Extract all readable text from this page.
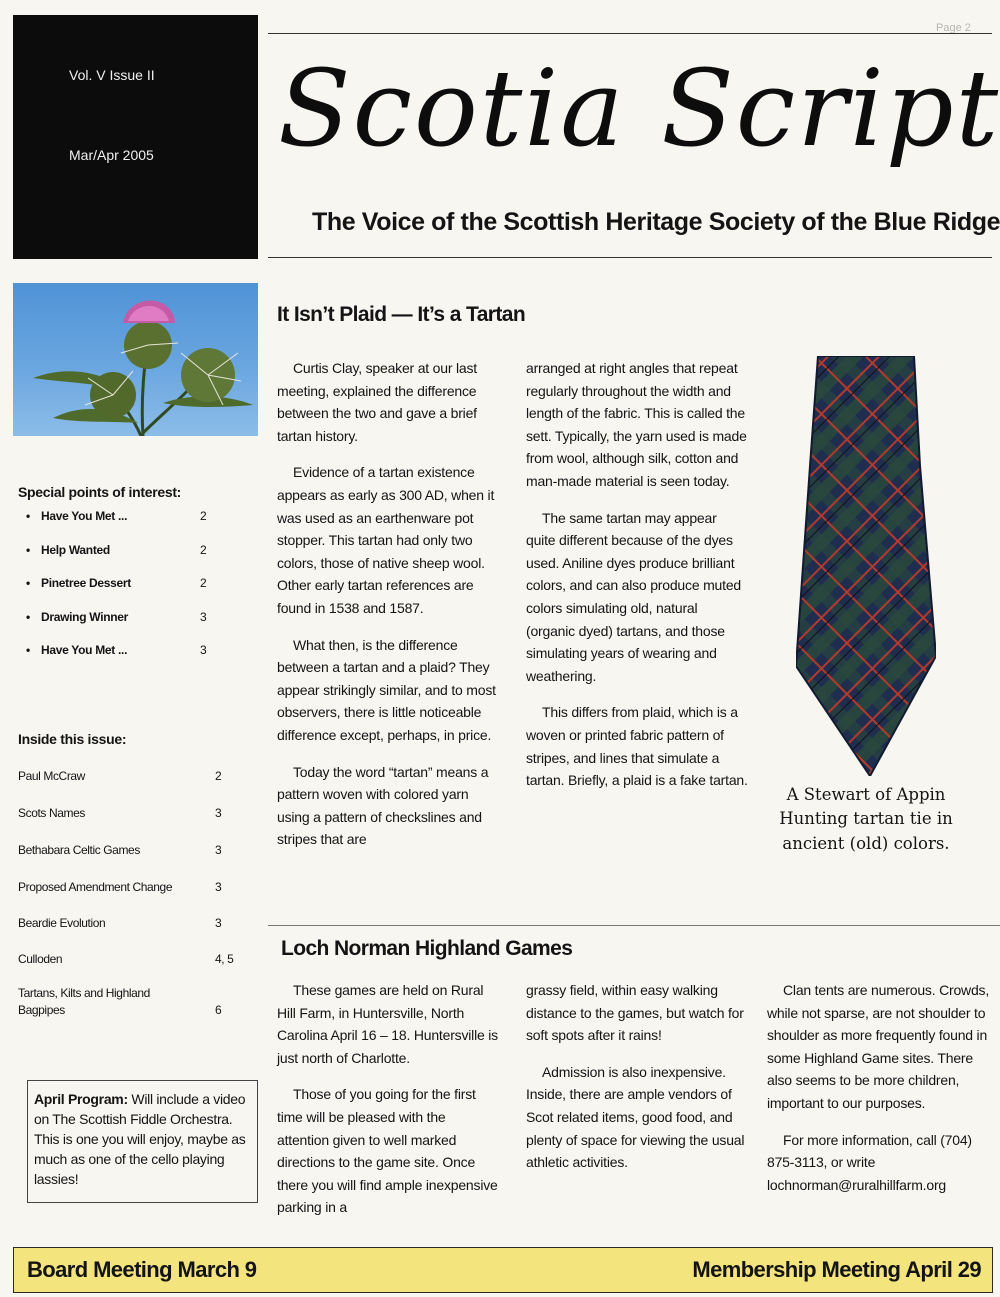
Page 2
Vol. V Issue II
Mar/Apr 2005 Scotia Script
The Voice of the Scottish Heritage Society of the Blue Ridge
Special points of interest:
• Have You Met ...	2
• Help Wanted	2
• Pinetree Dessert	2
• Drawing Winner	3
• Have You Met ...	3
Inside this issue:
Paul McCraw	2
Scots Names	3
Bethabara Celtic Games	3
Proposed Amendment Change	3
Beardie Evolution	3
Culloden	4, 5
Tartans, Kilts and Highland Bagpipes	6
April Program: Will include a video on The Scottish Fiddle Orchestra. This is one you will enjoy, maybe as much as one of the cello playing lassies!
It Isn’t Plaid — It’s a Tartan

Curtis Clay, speaker at our last meeting, explained the difference between the two and gave a brief tartan history.

Evidence of a tartan existence appears as early as 300 AD, when it was used as an earthenware pot stopper. This tartan had only two colors, those of native sheep wool. Other early tartan references are found in 1538 and 1587.

What then, is the difference between a tartan and a plaid? They appear strikingly similar, and to most observers, there is little noticeable difference except, perhaps, in price.

Today the word “tartan” means a pattern woven with colored yarn using a pattern of checkslines and stripes that are

arranged at right angles that repeat regularly throughout the width and length of the fabric. This is called the sett. Typically, the yarn used is made from wool, although silk, cotton and man-made material is seen today.

The same tartan may appear quite different because of the dyes used. Aniline dyes produce brilliant colors, and can also produce muted colors simulating old, natural (organic dyed) tartans, and those simulating years of wearing and weathering.

This differs from plaid, which is a woven or printed fabric pattern of stripes, and lines that simulate a tartan. Briefly, a plaid is a fake tartan.

A Stewart of Appin Hunting tartan tie in ancient (old) colors.
Loch Norman Highland Games

These games are held on Rural Hill Farm, in Huntersville, North Carolina April 16 – 18. Huntersville is just north of Charlotte.

Those of you going for the first time will be pleased with the attention given to well marked directions to the game site. Once there you will find ample inexpensive parking in a

grassy field, within easy walking distance to the games, but watch for soft spots after it rains!

Admission is also inexpensive. Inside, there are ample vendors of Scot related items, good food, and plenty of space for viewing the usual athletic activities.

Clan tents are numerous. Crowds, while not sparse, are not shoulder to shoulder as more frequently found in some Highland Game sites. There also seems to be more children, important to our purposes.

For more information, call (704) 875-3113, or write lochnorman@ruralhillfarm.org

Board Meeting March 9	Membership Meeting April 29
